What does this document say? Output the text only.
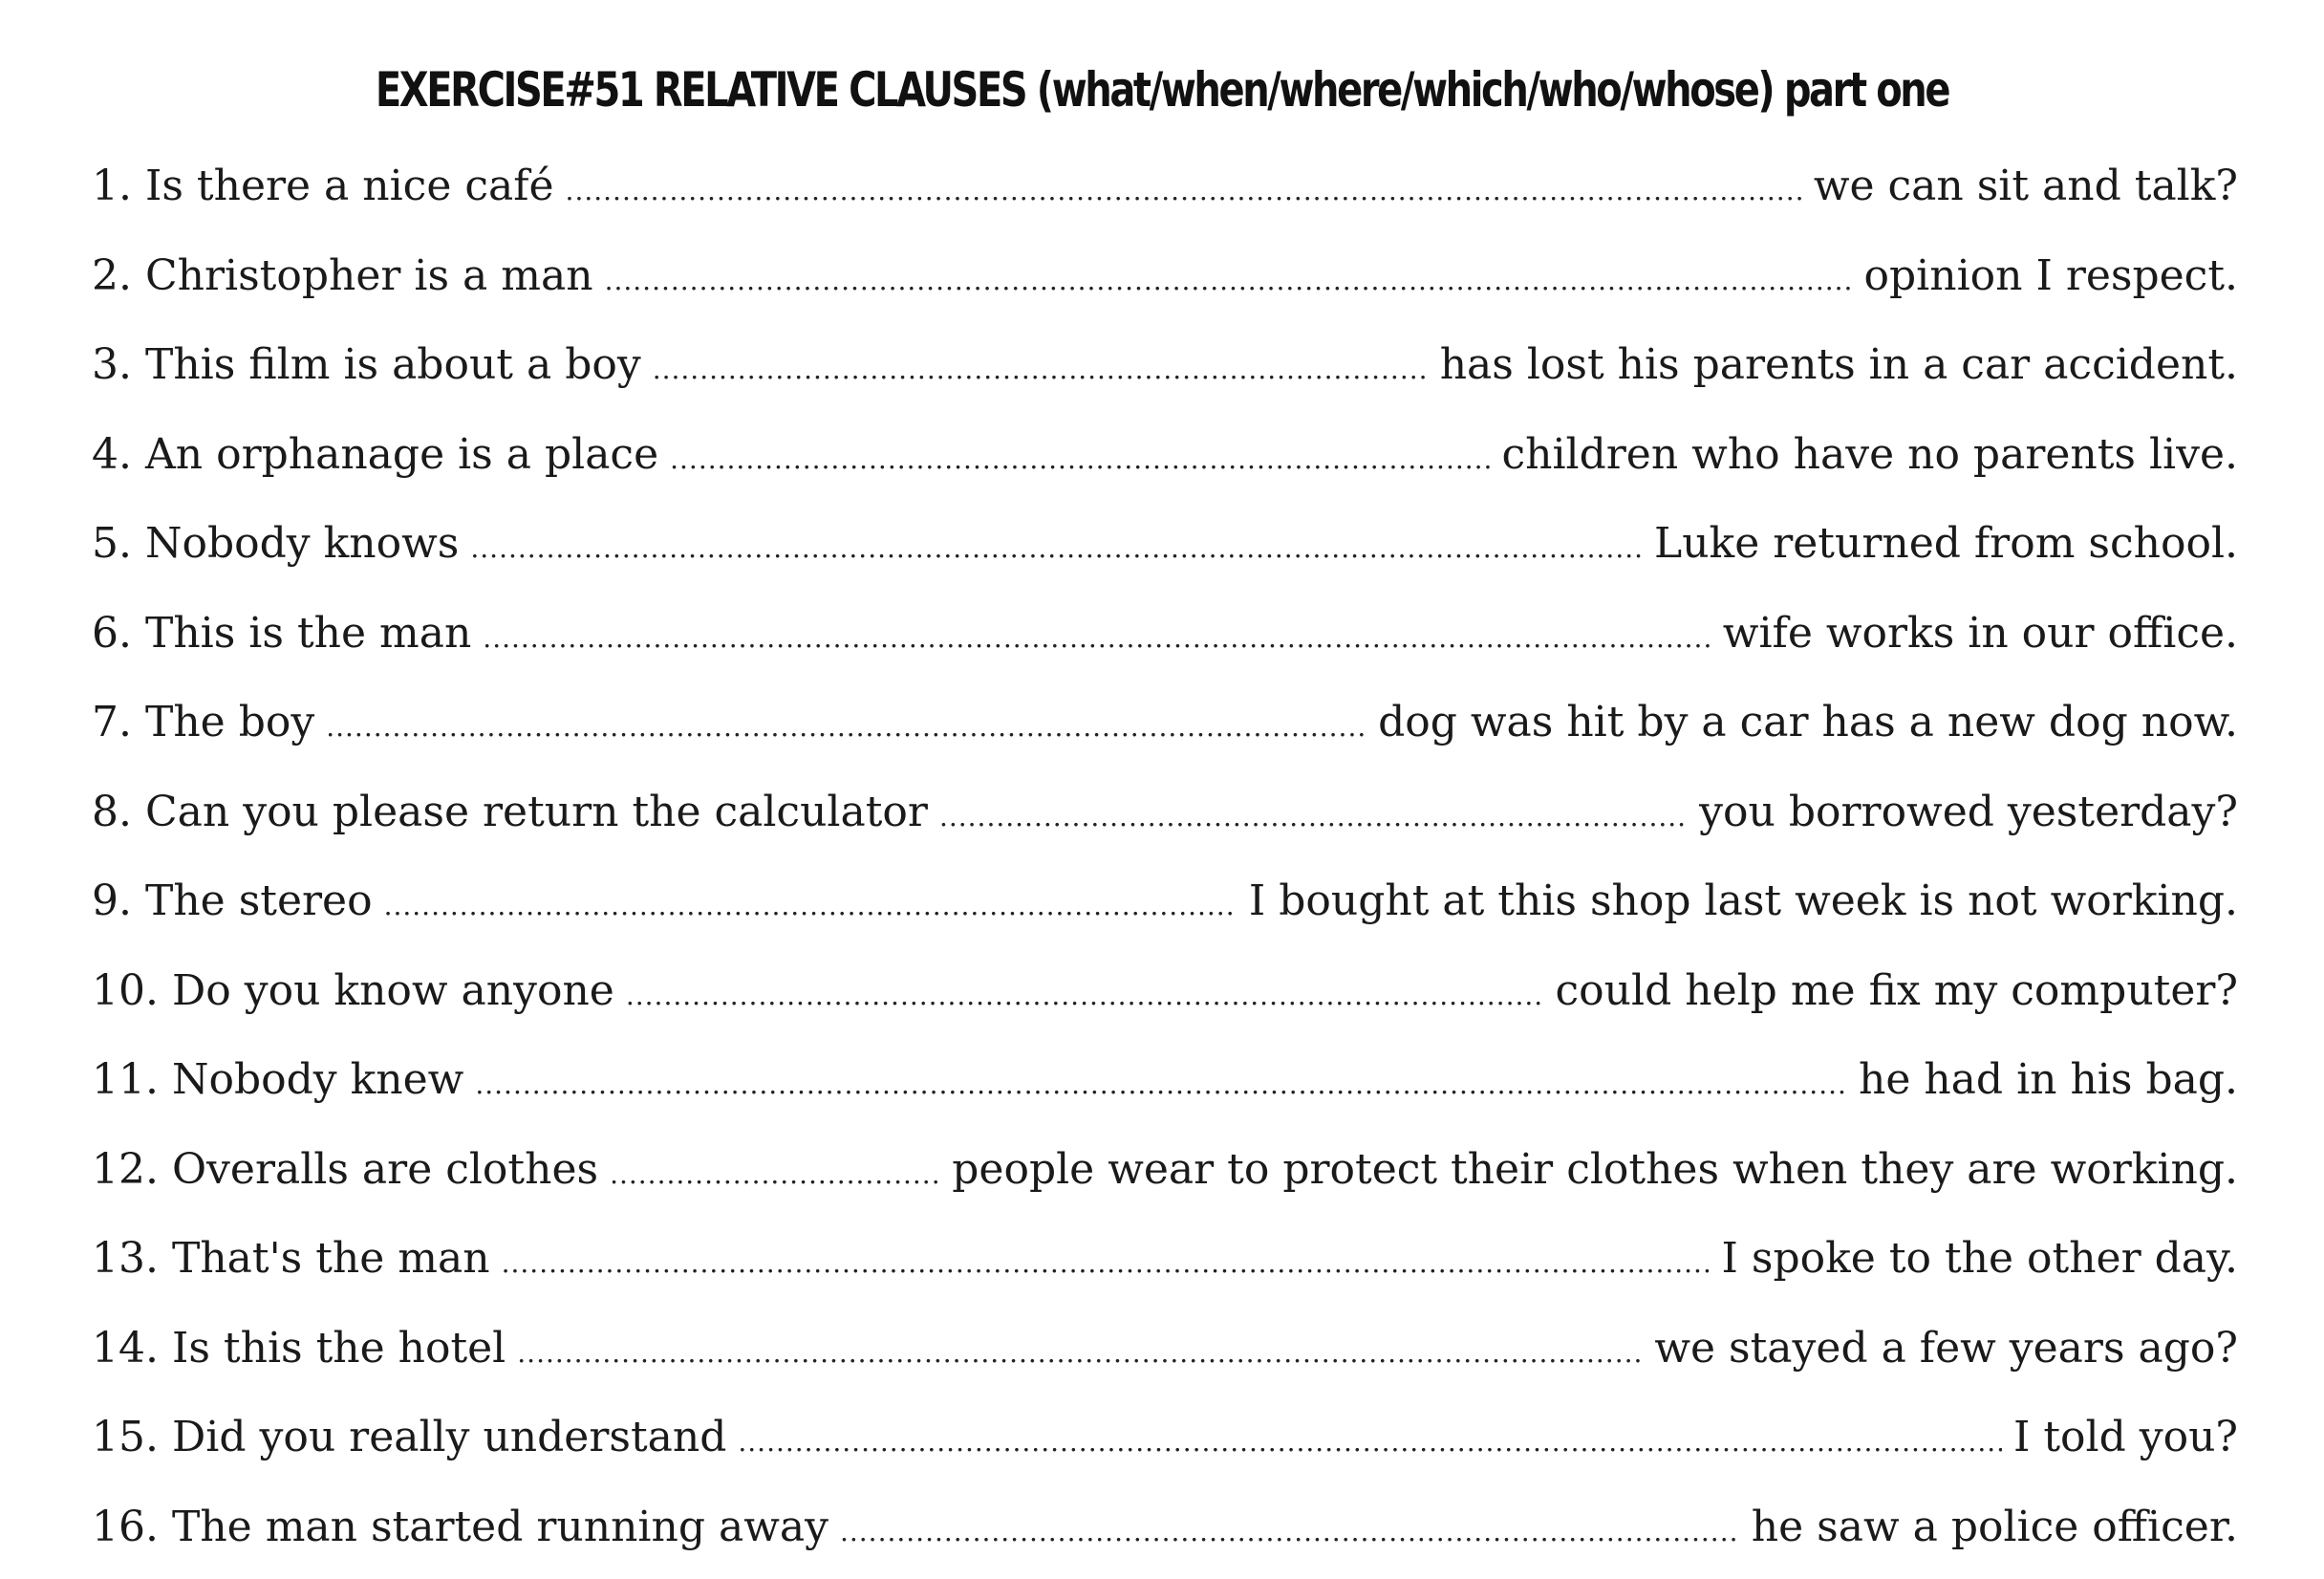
EXERCISE#51 RELATIVE CLAUSES (what/when/where/which/who/whose) part one
1. Is there a nice café .....	we can sit and talk?
2. Christopher is a man .....	opinion I respect.
3. This film is about a boy .....	has lost his parents in a car accident.
4. An orphanage is a place .....	children who have no parents live.
5. Nobody knows .....	Luke returned from school.
6. This is the man .....	wife works in our office.
7. The boy .....	dog was hit by a car has a new dog now.
8. Can you please return the calculator .....	you borrowed yesterday?
9. The stereo .....	I bought at this shop last week is not working.
10. Do you know anyone .....	could help me fix my computer?
11. Nobody knew .....	he had in his bag.
12. Overalls are clothes .....	people wear to protect their clothes when they are working.
13. That's the man .....	I spoke to the other day.
14. Is this the hotel .....	we stayed a few years ago?
15. Did you really understand .....	I told you?
16. The man started running away .....	he saw a police officer.
